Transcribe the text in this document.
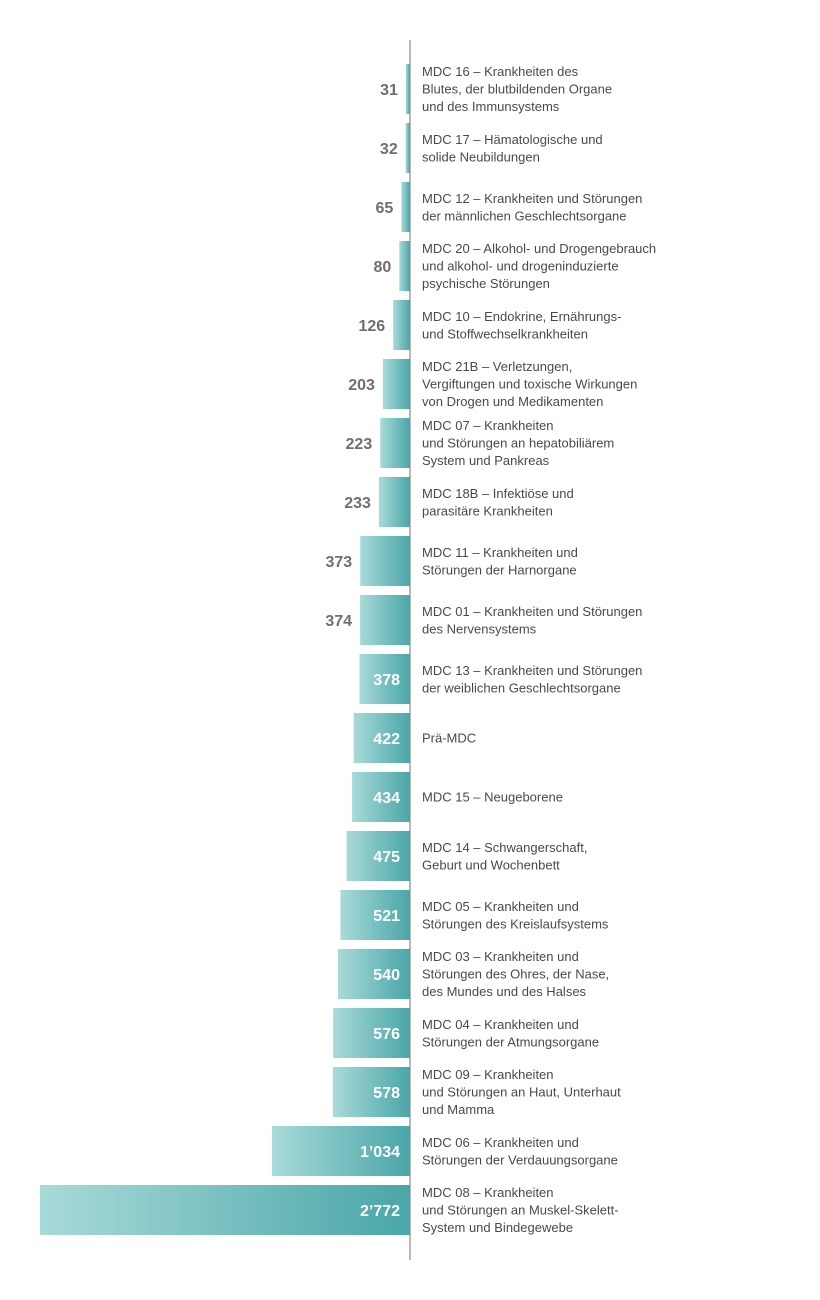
31
MDC 16 – Krankheiten des Blutes, der blutbildenden Organe und des Immunsystems
32
MDC 17 – Hämatologische und solide Neubildungen
65
MDC 12 – Krankheiten und Störungen der männlichen Geschlechtsorgane
80
MDC 20 – Alkohol- und Drogengebrauch und alkohol- und drogeninduzierte psychische Störungen
126
MDC 10 – Endokrine, Ernährungs-und Stoffwechselkrankheiten
203
MDC 21B – Verletzungen, Vergiftungen und toxische Wirkungen von Drogen und Medikamenten
223
MDC 07 – Krankheiten und Störungen an hepatobiliärem System und Pankreas
233
MDC 18B – Infektiöse und parasitäre Krankheiten
373
MDC 11 – Krankheiten und Störungen der Harnorgane
374
MDC 01 – Krankheiten und Störungen des Nervensystems
378
MDC 13 – Krankheiten und Störungen der weiblichen Geschlechtsorgane
422 Prä-MDC
434 MDC 15 – Neugeborene
475
MDC 14 – Schwangerschaft, Geburt und Wochenbett
521
MDC 05 – Krankheiten und Störungen des Kreislaufsystems
540
MDC 03 – Krankheiten und Störungen des Ohres, der Nase, des Mundes und des Halses
576
MDC 04 – Krankheiten und Störungen der Atmungsorgane
578
MDC 09 – Krankheiten und Störungen an Haut, Unterhaut und Mamma
1’034
MDC 06 – Krankheiten und Störungen der Verdauungsorgane
2’772
MDC 08 – Krankheiten und Störungen an Muskel-Skelett-System und Bindegewebe
